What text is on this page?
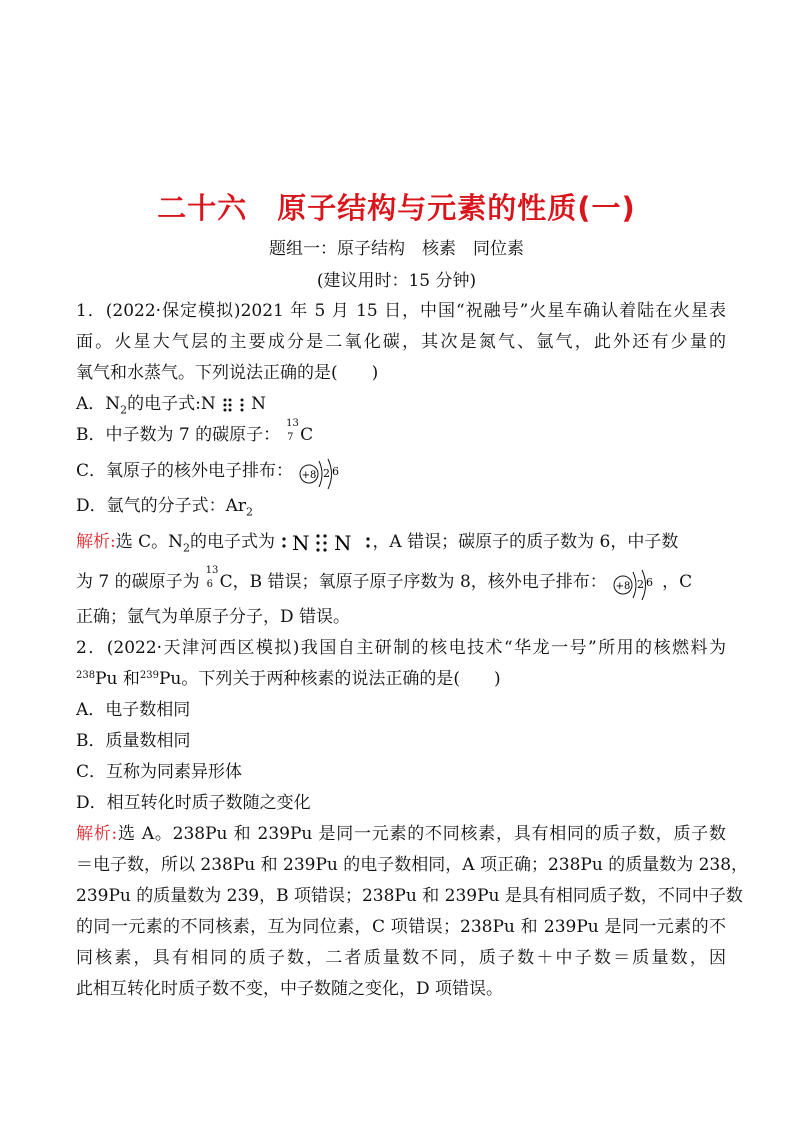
二十六　原子结构与元素的性质(一)
题组一：原子结构　核素　同位素
(建议用时：15 分钟)
1．(2022·保定模拟)2021 年 5 月 15 日，中国“祝融号”火星车确认着陆在火星表
面。火星大气层的主要成分是二氧化碳，其次是氮气、氩气，此外还有少量的
氧气和水蒸气。下列说法正确的是(　　)
A．$N_2$的电子式:N N
B．中子数为 7 的碳原子：
13
7 C
C．氧原子的核外电子排布： +8 2 6
D．氩气的分子式：$Ar_2$
解析:选 C。$N_2$的电子式为 N N ，A 错误；碳原子的质子数为 6，中子数
为 7 的碳原子为
13
6 C，B 错误；氧原子原子序数为 8，核外电子排布： +8 2 6 ，C
正确；氩气为单原子分子，D 错误。
2．(2022·天津河西区模拟)我国自主研制的核电技术“华龙一号”所用的核燃料为
$^{238}$Pu 和$^{239}$Pu。下列关于两种核素的说法正确的是(　　)
A．电子数相同
B．质量数相同
C．互称为同素异形体
D．相互转化时质子数随之变化
解析:选 A。238Pu 和 239Pu 是同一元素的不同核素，具有相同的质子数，质子数
＝电子数，所以 238Pu 和 239Pu 的电子数相同，A 项正确；238Pu 的质量数为 238，
239Pu 的质量数为 239，B 项错误；238Pu 和 239Pu 是具有相同质子数，不同中子数
的同一元素的不同核素，互为同位素，C 项错误；238Pu 和 239Pu 是同一元素的不
同核素，具有相同的质子数，二者质量数不同，质子数＋中子数＝质量数，因
此相互转化时质子数不变，中子数随之变化，D 项错误。
